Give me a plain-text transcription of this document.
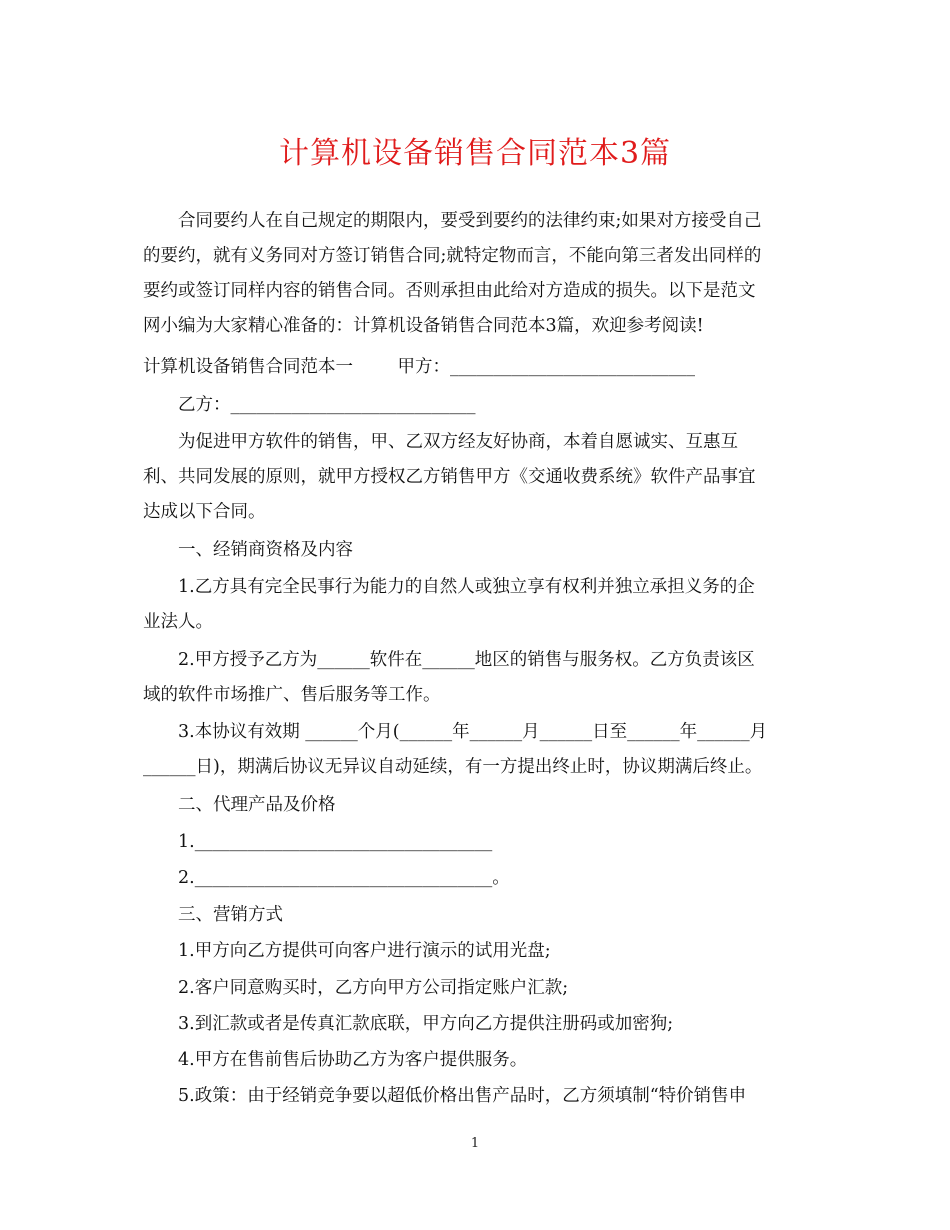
计算机设备销售合同范本3篇
合同要约人在自己规定的期限内，要受到要约的法律约束;如果对方接受自己
的要约，就有义务同对方签订销售合同;就特定物而言，不能向第三者发出同样的
要约或签订同样内容的销售合同。否则承担由此给对方造成的损失。以下是范文
网小编为大家精心准备的：计算机设备销售合同范本3篇，欢迎参考阅读!
计算机设备销售合同范本一        甲方：____________________________
乙方：____________________________
为促进甲方软件的销售，甲、乙双方经友好协商，本着自愿诚实、互惠互
利、共同发展的原则，就甲方授权乙方销售甲方《交通收费系统》软件产品事宜
达成以下合同。
一、经销商资格及内容
1.乙方具有完全民事行为能力的自然人或独立享有权利并独立承担义务的企
业法人。
2.甲方授予乙方为______软件在______地区的销售与服务权。乙方负责该区
域的软件市场推广、售后服务等工作。
3.本协议有效期 ______个月(______年______月______日至______年______月
______日)，期满后协议无异议自动延续，有一方提出终止时，协议期满后终止。
二、代理产品及价格
1.__________________________________
2.__________________________________。
三、营销方式
1.甲方向乙方提供可向客户进行演示的试用光盘;
2.客户同意购买时，乙方向甲方公司指定账户汇款;
3.到汇款或者是传真汇款底联，甲方向乙方提供注册码或加密狗;
4.甲方在售前售后协助乙方为客户提供服务。
5.政策：由于经销竞争要以超低价格出售产品时，乙方须填制“特价销售申
1
